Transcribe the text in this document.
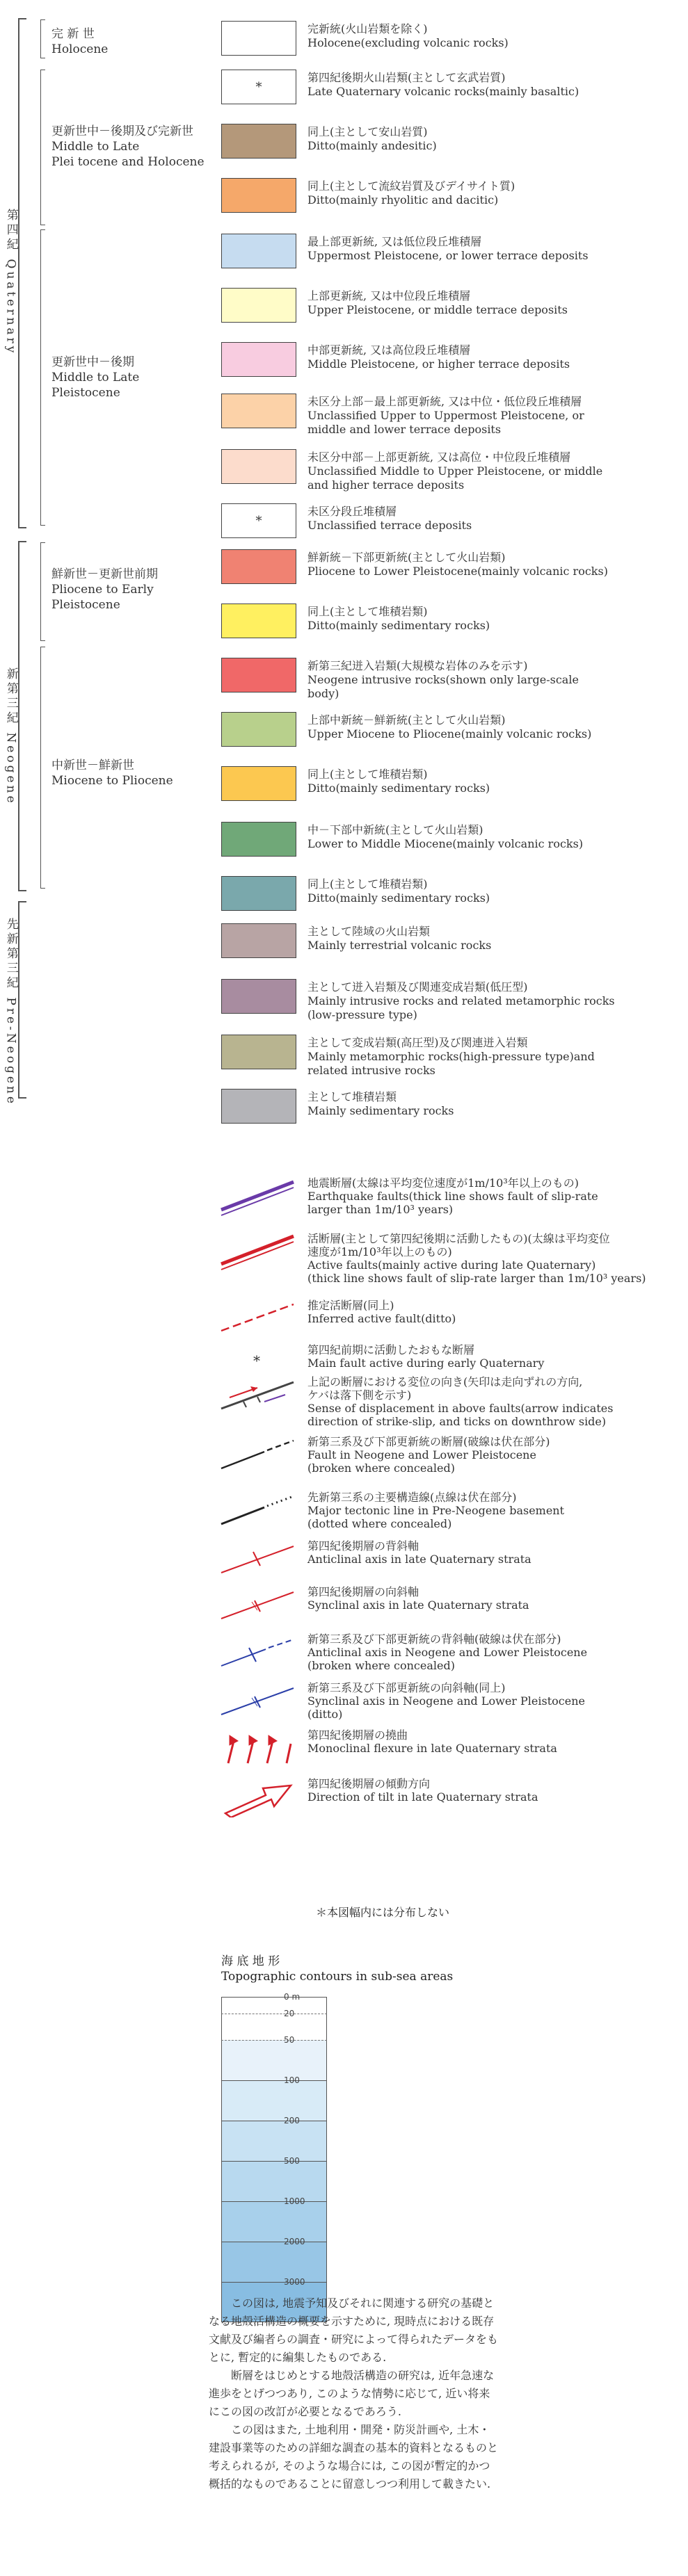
第四紀 Quaternary
新第三紀 Neogene
先新第三紀 Pre-Neogene
完 新 世
Holocene
更新世中－後期及び完新世
Middle to Late
Plei tocene and Holocene
更新世中－後期
Middle to Late
Pleistocene
鮮新世－更新世前期
Pliocene to Early
Pleistocene
中新世－鮮新世
Miocene to Pliocene
完新統(火山岩類を除く)
Holocene(excluding volcanic rocks)
*
第四紀後期火山岩類(主として玄武岩質)
Late Quaternary volcanic rocks(mainly basaltic)
同上(主として安山岩質)
Ditto(mainly andesitic)
同上(主として流紋岩質及びデイサイト質)
Ditto(mainly rhyolitic and dacitic)
最上部更新統, 又は低位段丘堆積層
Uppermost Pleistocene, or lower terrace deposits
上部更新統, 又は中位段丘堆積層
Upper Pleistocene, or middle terrace deposits
中部更新統, 又は高位段丘堆積層
Middle Pleistocene, or higher terrace deposits
未区分上部－最上部更新統, 又は中位・低位段丘堆積層
Unclassified Upper to Uppermost Pleistocene, or
middle and lower terrace deposits
未区分中部－上部更新統, 又は高位・中位段丘堆積層
Unclassified Middle to Upper Pleistocene, or middle
and higher terrace deposits
*
未区分段丘堆積層
Unclassified terrace deposits
鮮新統－下部更新統(主として火山岩類)
Pliocene to Lower Pleistocene(mainly volcanic rocks)
同上(主として堆積岩類)
Ditto(mainly sedimentary rocks)
新第三紀迸入岩類(大規模な岩体のみを示す)
Neogene intrusive rocks(shown only large-scale
body)
上部中新統－鮮新統(主として火山岩類)
Upper Miocene to Pliocene(mainly volcanic rocks)
同上(主として堆積岩類)
Ditto(mainly sedimentary rocks)
中－下部中新統(主として火山岩類)
Lower to Middle Miocene(mainly volcanic rocks)
同上(主として堆積岩類)
Ditto(mainly sedimentary rocks)
主として陸域の火山岩類
Mainly terrestrial volcanic rocks
主として迸入岩類及び関連変成岩類(低圧型)
Mainly intrusive rocks and related metamorphic rocks
(low-pressure type)
主として変成岩類(高圧型)及び関連迸入岩類
Mainly metamorphic rocks(high-pressure type)and
related intrusive rocks
主として堆積岩類
Mainly sedimentary rocks
地震断層(太線は平均変位速度が1m/10³年以上のもの)
Earthquake faults(thick line shows fault of slip-rate
larger than 1m/10³ years)
活断層(主として第四紀後期に活動したもの)(太線は平均変位
速度が1m/10³年以上のもの)
Active faults(mainly active during late Quaternary)
(thick line shows fault of slip-rate larger than 1m/10³ years)
推定活断層(同上)
Inferred active fault(ditto)
*
第四紀前期に活動したおもな断層
Main fault active during early Quaternary
上記の断層における変位の向き(矢印は走向ずれの方向,
ケバは落下側を示す)
Sense of displacement in above faults(arrow indicates
direction of strike-slip, and ticks on downthrow side)
新第三系及び下部更新統の断層(破線は伏在部分)
Fault in Neogene and Lower Pleistocene
(broken where concealed)
先新第三系の主要構造線(点線は伏在部分)
Major tectonic line in Pre-Neogene basement
(dotted where concealed)
第四紀後期層の背斜軸
Anticlinal axis in late Quaternary strata
第四紀後期層の向斜軸
Synclinal axis in late Quaternary strata
新第三系及び下部更新統の背斜軸(破線は伏在部分)
Anticlinal axis in Neogene and Lower Pleistocene
(broken where concealed)
新第三系及び下部更新統の向斜軸(同上)
Synclinal axis in Neogene and Lower Pleistocene
(ditto)
第四紀後期層の撓曲
Monoclinal flexure in late Quaternary strata
第四紀後期層の傾動方向
Direction of tilt in late Quaternary strata
＊本図幅内には分布しない
海 底 地 形
Topographic contours in sub-sea areas
0 m
20
50
100
200
500
1000
2000
3000

この図は, 地震予知及びそれに関連する研究の基礎となる地殻活構造の概要を示すために, 現時点における既存文献及び編者らの調査・研究によって得られたデータをもとに, 暫定的に編集したものである.

断層をはじめとする地殻活構造の研究は, 近年急速な進歩をとげつつあり, このような情勢に応じて, 近い将来にこの図の改訂が必要となるであろう.

この図はまた, 土地利用・開発・防災計画や, 土木・建設事業等のための詳細な調査の基本的資料となるものと考えられるが, そのような場合には, この図が暫定的かつ概括的なものであることに留意しつつ利用して載きたい.
